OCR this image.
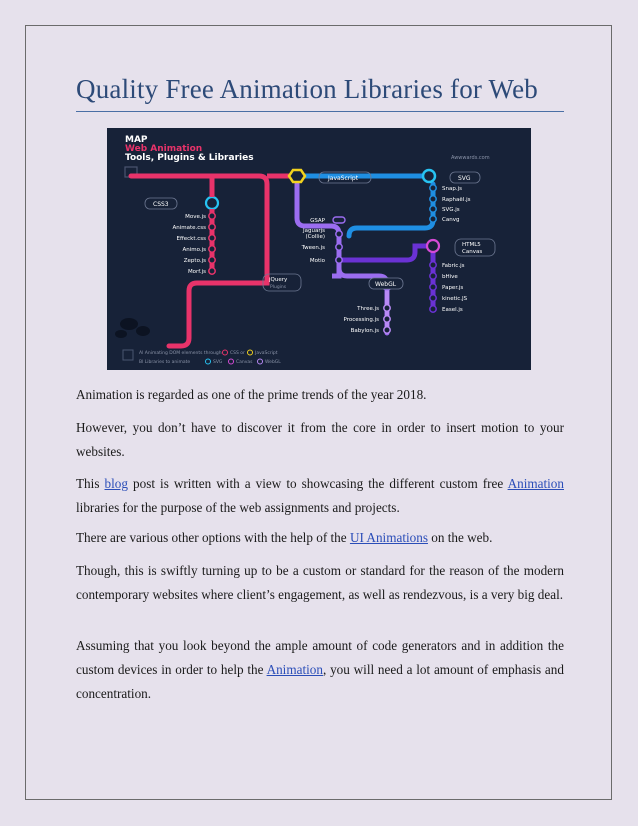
Quality Free Animation Libraries for Web
MAP
Web Animation
Tools, Plugins & Libraries	Awwwards.com
JavaScript	SVG
CSS3
HTML5
Canvas
jQuery
Plugins	WebGL
Move.js
Animate.css
Effeckt.css
Animo.js
Zepto.js
Morf.js
GSAP
Jaguarjs
(Collie)
Tween.js
Motio
Snap.js
Raphaël.js
SVG.js
Canvg
Fabric.js
bHive
Paper.js
kinetic.JS
Easel.js
Three.js
Processing.js
Babylon.js
Al Animating DOM elements through CSS or JavaScript
Bl Libraries to animate	SVG	Canvas	WebGL

Animation is regarded as one of the prime trends of the year 2018.

However, you don’t have to discover it from the core in order to insert motion to your websites.

This blog post is written with a view to showcasing the different custom free Animation libraries for the purpose of the web assignments and projects.

There are various other options with the help of the UI Animations on the web.

Though, this is swiftly turning up to be a custom or standard for the reason of the modern contemporary websites where client’s engagement, as well as rendezvous, is a very big deal.

Assuming that you look beyond the ample amount of code generators and in addition the custom devices in order to help the Animation, you will need a lot amount of emphasis and concentration.
